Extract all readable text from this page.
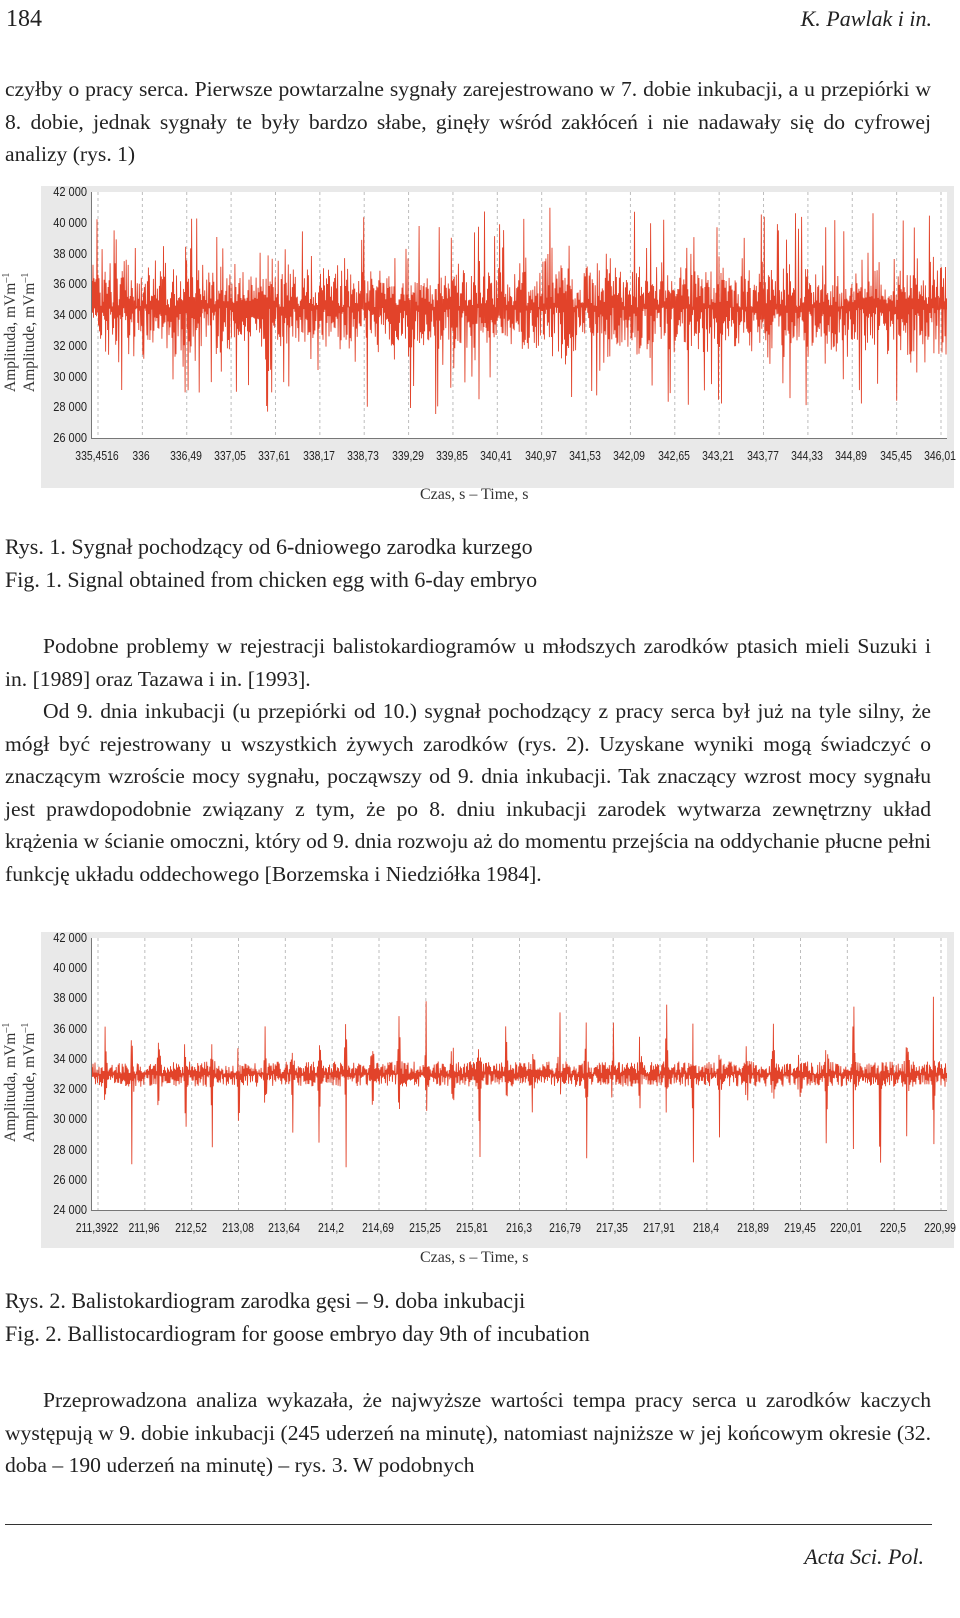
184	K. Pawlak i in.

czyłby o pracy serca. Pierwsze powtarzalne sygnały zarejestrowano w 7. dobie inkubacji, a u przepiórki w 8. dobie, jednak sygnały te były bardzo słabe, ginęły wśród zakłóceń i nie nadawały się do cyfrowej analizy (rys. 1)

Amplituda, mVm$^{-1}$
Amplitude, mVm$^{-1}$
42 000
40 000
38 000
36 000
34 000
32 000
30 000
28 000
26 000
335,4516 336 336,49 337,05 337,61 338,17 338,73 339,29 339,85 340,41 340,97 341,53 342,09 342,65 343,21 343,77 344,33 344,89 345,45 346,01
Czas, s – Time, s

Rys. 1. Sygnał pochodzący od 6-dniowego zarodka kurzego

Fig. 1. Signal obtained from chicken egg with 6-day embryo

Podobne problemy w rejestracji balistokardiogramów u młodszych zarodków ptasich mieli Suzuki i in. [1989] oraz Tazawa i in. [1993].

Od 9. dnia inkubacji (u przepiórki od 10.) sygnał pochodzący z pracy serca był już na tyle silny, że mógł być rejestrowany u wszystkich żywych zarodków (rys. 2). Uzyskane wyniki mogą świadczyć o znaczącym wzroście mocy sygnału, począwszy od 9. dnia inkubacji. Tak znaczący wzrost mocy sygnału jest prawdopodobnie związany z tym, że po 8. dniu inkubacji zarodek wytwarza zewnętrzny układ krążenia w ścianie omoczni, który od 9. dnia rozwoju aż do momentu przejścia na oddychanie płucne pełni funkcję układu oddechowego [Borzemska i Niedziółka 1984].

Amplituda, mVm$^{-1}$
Amplitude, mVm$^{-1}$
42 000
40 000
38 000
36 000
34 000
32 000
30 000
28 000
26 000
24 000
211,3922 211,96 212,52 213,08 213,64 214,2 214,69 215,25 215,81 216,3 216,79 217,35 217,91 218,4 218,89 219,45 220,01 220,5 220,99
Czas, s – Time, s

Rys. 2. Balistokardiogram zarodka gęsi – 9. doba inkubacji

Fig. 2. Ballistocardiogram for goose embryo day 9th of incubation

Przeprowadzona analiza wykazała, że najwyższe wartości tempa pracy serca u zarodków kaczych występują w 9. dobie inkubacji (245 uderzeń na minutę), natomiast najniższe w jej końcowym okresie (32. doba – 190 uderzeń na minutę) – rys. 3. W podobnych

Acta Sci. Pol.
